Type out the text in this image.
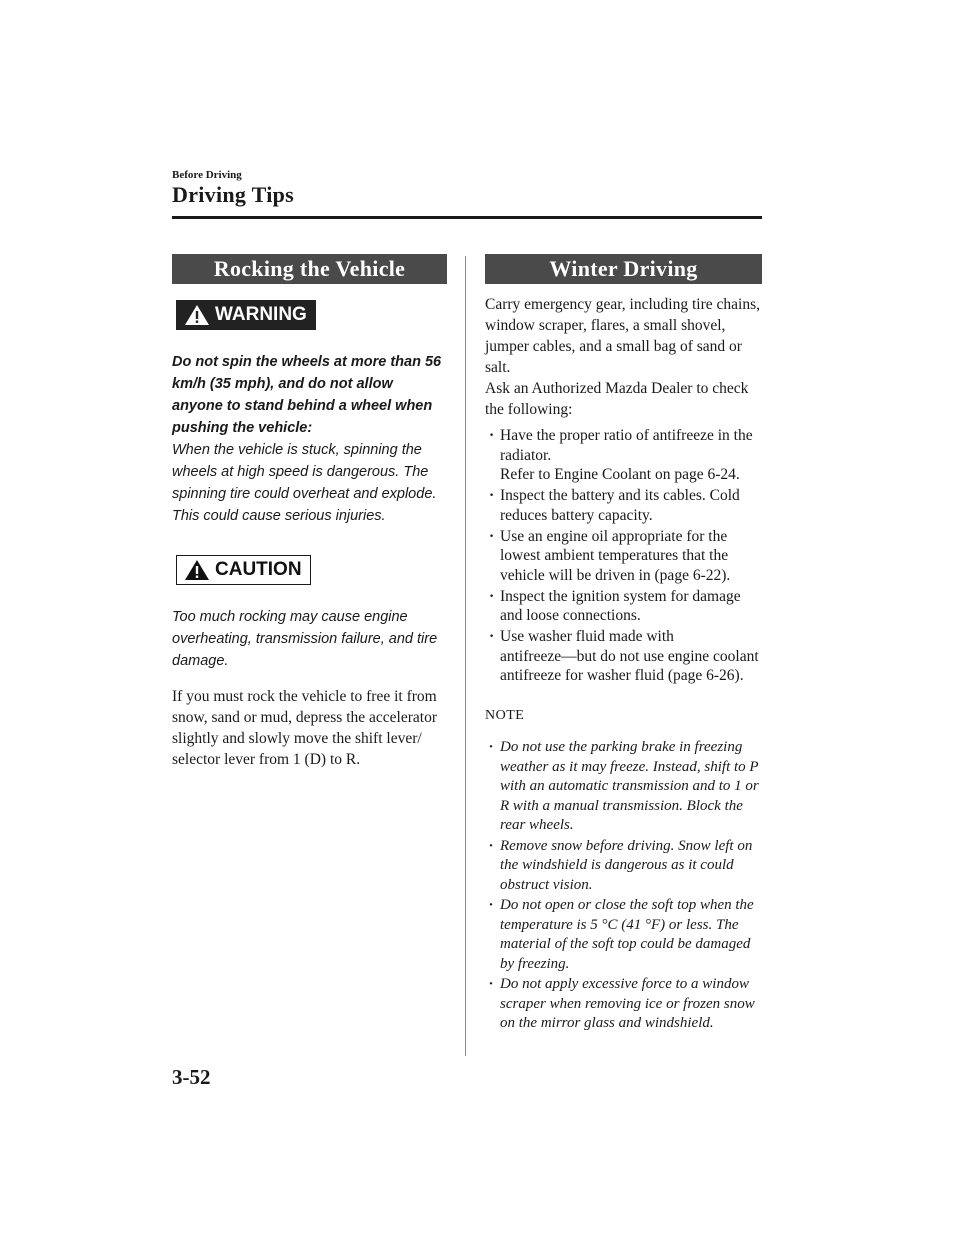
Before Driving
Driving Tips
Rocking the Vehicle
WARNING
Do not spin the wheels at more than 56 km/h (35 mph), and do not allow anyone to stand behind a wheel when pushing the vehicle:
When the vehicle is stuck, spinning the wheels at high speed is dangerous. The spinning tire could overheat and explode. This could cause serious injuries.
CAUTION
Too much rocking may cause engine overheating, transmission failure, and tire damage.
If you must rock the vehicle to free it from snow, sand or mud, depress the accelerator slightly and slowly move the shift lever/ selector lever from 1 (D) to R.
Winter Driving
Carry emergency gear, including tire chains, window scraper, flares, a small shovel, jumper cables, and a small bag of sand or salt.
Ask an Authorized Mazda Dealer to check the following:
· Have the proper ratio of antifreeze in the radiator.
Refer to Engine Coolant on page 6-24.
· Inspect the battery and its cables. Cold reduces battery capacity.
· Use an engine oil appropriate for the lowest ambient temperatures that the vehicle will be driven in (page 6-22).
· Inspect the ignition system for damage and loose connections.
· Use washer fluid made with antifreeze―but do not use engine coolant antifreeze for washer fluid (page 6-26).
NOTE
· Do not use the parking brake in freezing weather as it may freeze. Instead, shift to P with an automatic transmission and to 1 or R with a manual transmission. Block the rear wheels.
· Remove snow before driving. Snow left on the windshield is dangerous as it could obstruct vision.
· Do not open or close the soft top when the temperature is 5 °C (41 °F) or less. The material of the soft top could be damaged by freezing.
· Do not apply excessive force to a window scraper when removing ice or frozen snow on the mirror glass and windshield.
3-52
